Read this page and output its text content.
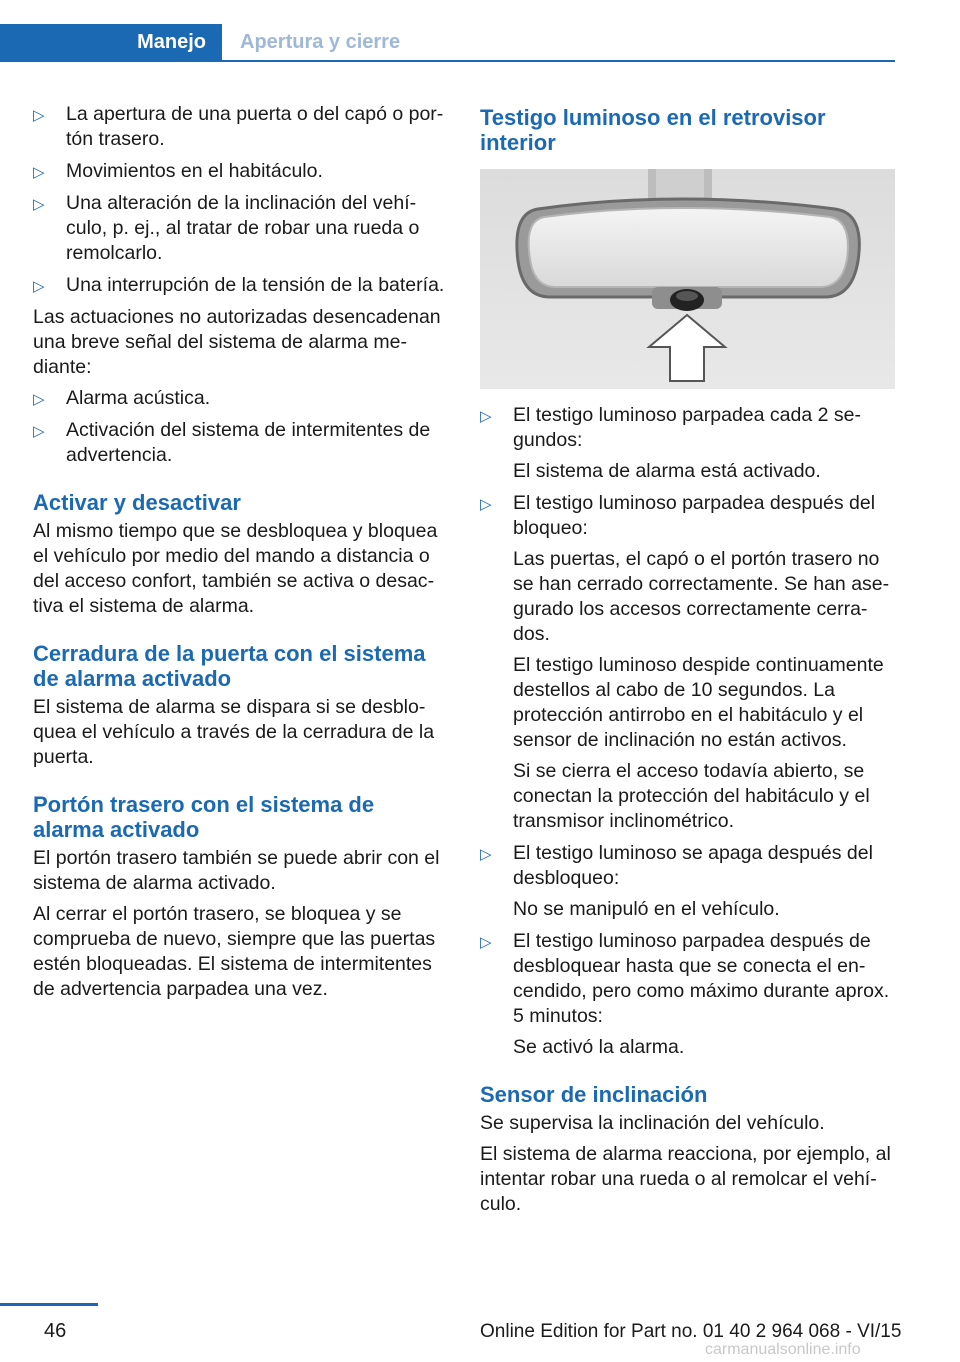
Manejo Apertura y cierre
▷ La apertura de una puerta o del capó o portón trasero.
▷ Movimientos en el habitáculo.
▷ Una alteración de la inclinación del vehículo, p. ej., al tratar de robar una rueda o remolcarlo.
▷ Una interrupción de la tensión de la batería.

Las actuaciones no autorizadas desencadenan una breve señal del sistema de alarma mediante:

▷ Alarma acústica.
▷ Activación del sistema de intermitentes de advertencia.
Activar y desactivar

Al mismo tiempo que se desbloquea y bloquea el vehículo por medio del mando a distancia o del acceso confort, también se activa o desactiva el sistema de alarma.

Cerradura de la puerta con el sistema de alarma activado

El sistema de alarma se dispara si se desbloquea el vehículo a través de la cerradura de la puerta.

Portón trasero con el sistema de alarma activado

El portón trasero también se puede abrir con el sistema de alarma activado.

Al cerrar el portón trasero, se bloquea y se comprueba de nuevo, siempre que las puertas estén bloqueadas. El sistema de intermitentes de advertencia parpadea una vez.

Testigo luminoso en el retrovisor interior
▷ El testigo luminoso parpadea cada 2 segundos:
El sistema de alarma está activado.
▷ El testigo luminoso parpadea después del bloqueo:
Las puertas, el capó o el portón trasero no se han cerrado correctamente. Se han asegurado los accesos correctamente cerrados.
El testigo luminoso despide continuamente destellos al cabo de 10 segundos. La protección antirrobo en el habitáculo y el sensor de inclinación no están activos.
Si se cierra el acceso todavía abierto, se conectan la protección del habitáculo y el transmisor inclinométrico.
▷ El testigo luminoso se apaga después del desbloqueo:
No se manipuló en el vehículo.
▷ El testigo luminoso parpadea después de desbloquear hasta que se conecta el encendido, pero como máximo durante aprox. 5 minutos:
Se activó la alarma.
Sensor de inclinación

Se supervisa la inclinación del vehículo.

El sistema de alarma reacciona, por ejemplo, al intentar robar una rueda o al remolcar el vehículo.

46	Online Edition for Part no. 01 40 2 964 068 - VI/15
carmanualsonline.info
